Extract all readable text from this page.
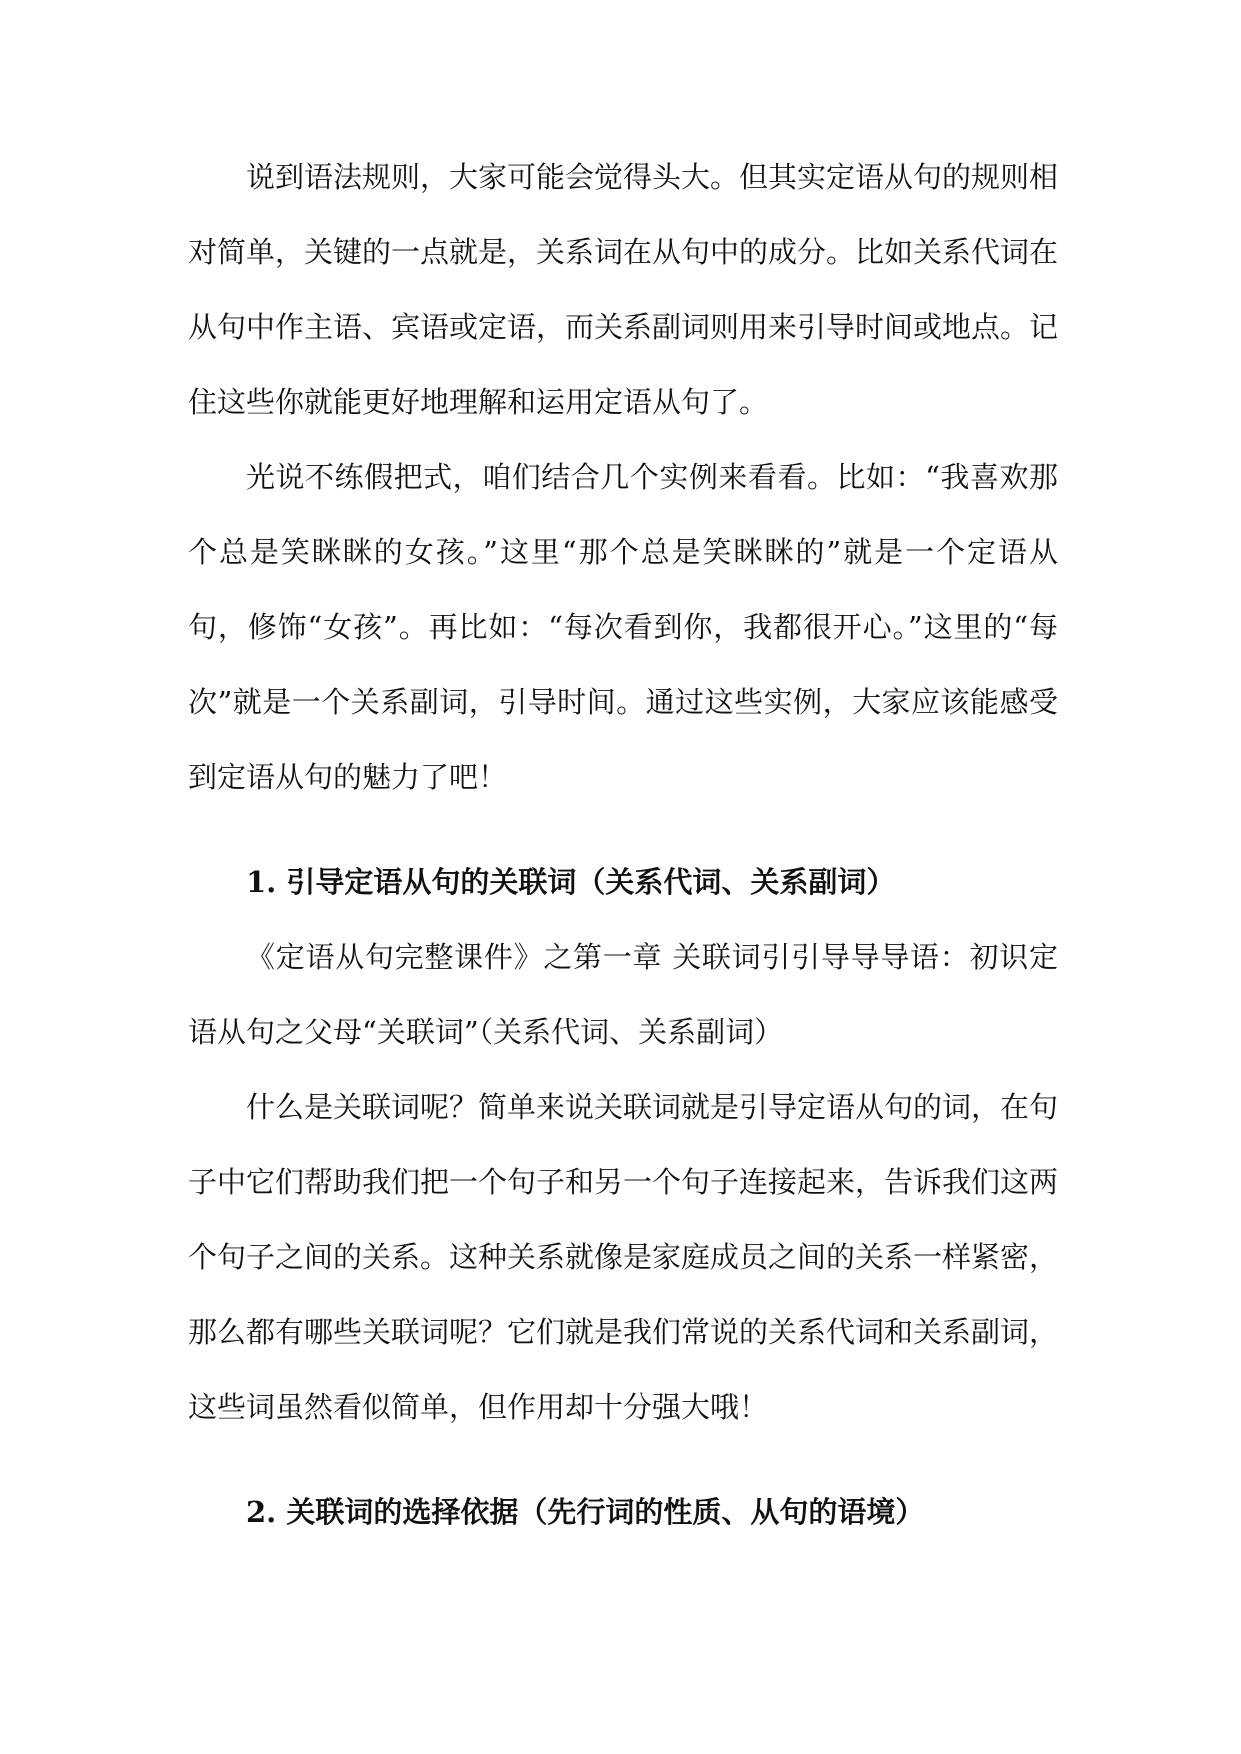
说到语法规则，大家可能会觉得头大。但其实定语从句的规则相对简单，关键的一点就是，关系词在从句中的成分。比如关系代词在从句中作主语、宾语或定语，而关系副词则用来引导时间或地点。记住这些你就能更好地理解和运用定语从句了。

光说不练假把式，咱们结合几个实例来看看。比如：“我喜欢那个总是笑眯眯的女孩。”这里“那个总是笑眯眯的”就是一个定语从句，修饰“女孩”。再比如：“每次看到你，我都很开心。”这里的“每次”就是一个关系副词，引导时间。通过这些实例，大家应该能感受到定语从句的魅力了吧！

1. 引导定语从句的关联词（关系代词、关系副词）

《定语从句完整课件》之第一章 关联词引引导导导语：初识定语从句之父母“关联词”（关系代词、关系副词）

什么是关联词呢？简单来说关联词就是引导定语从句的词，在句子中它们帮助我们把一个句子和另一个句子连接起来，告诉我们这两个句子之间的关系。这种关系就像是家庭成员之间的关系一样紧密，那么都有哪些关联词呢？它们就是我们常说的关系代词和关系副词，这些词虽然看似简单，但作用却十分强大哦！

2. 关联词的选择依据（先行词的性质、从句的语境）
